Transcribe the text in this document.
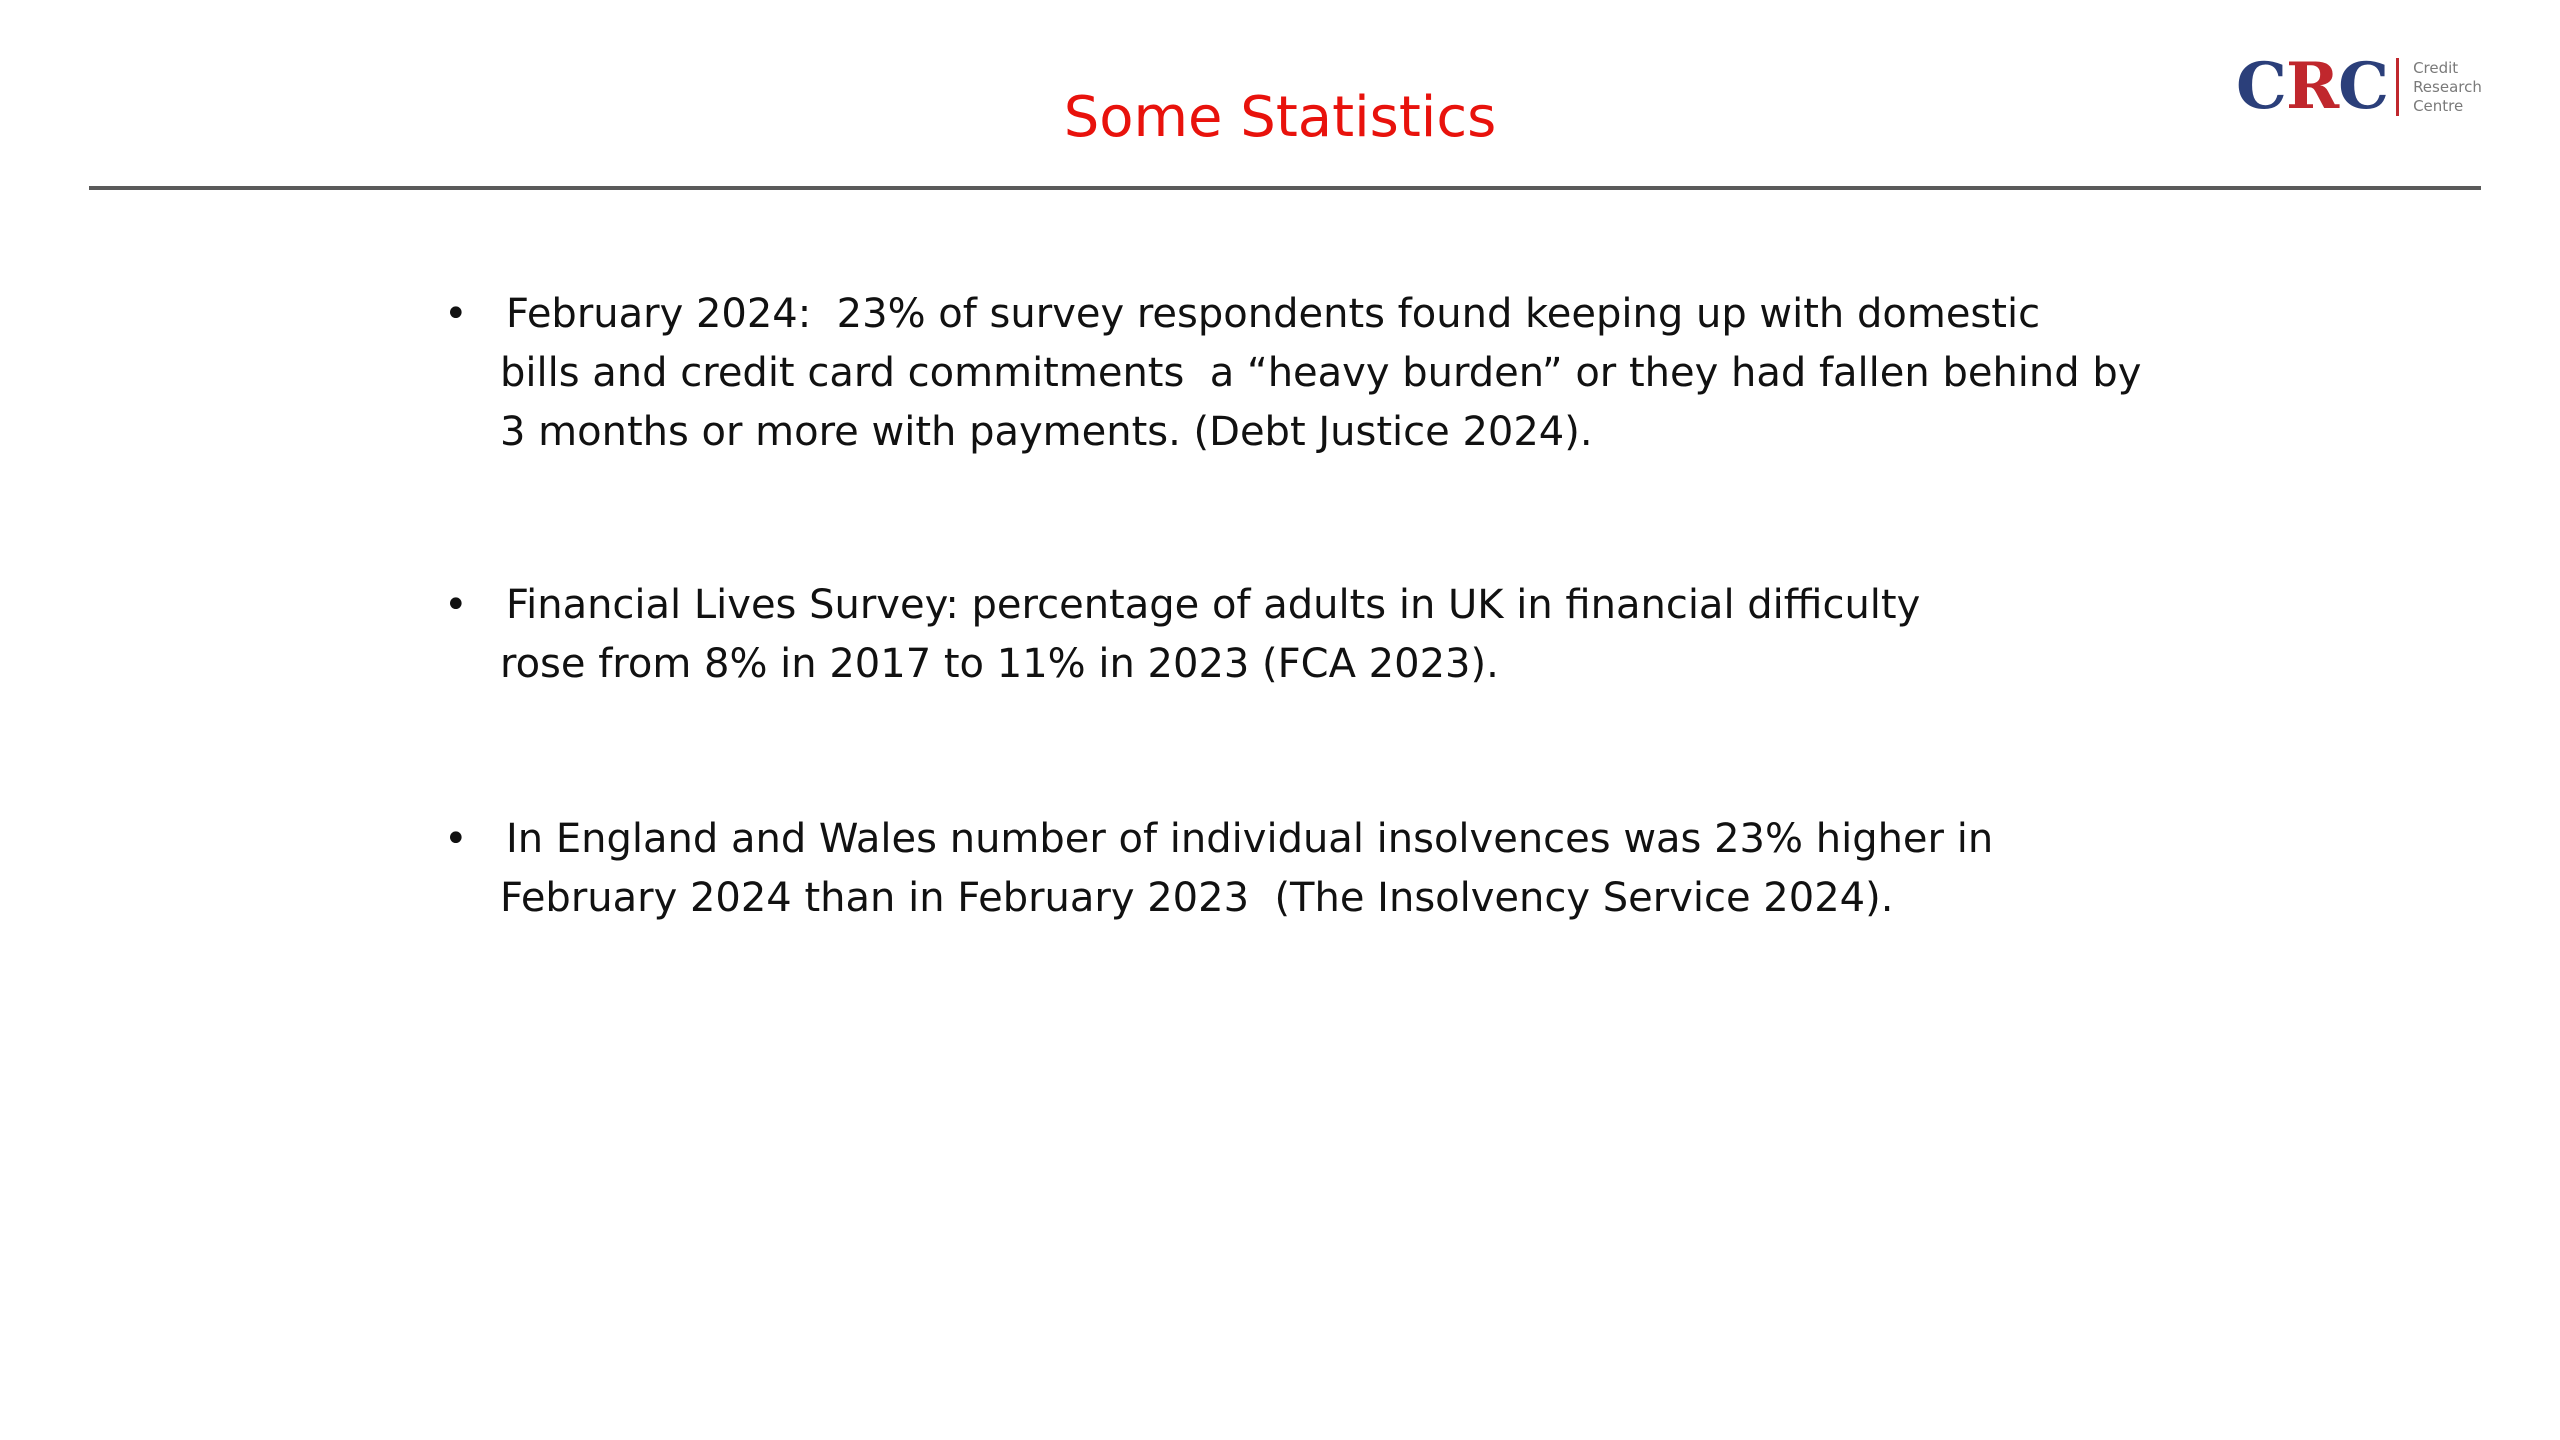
Some Statistics	CRC Credit
Research
Centre
• February 2024:  23% of survey respondents found keeping up with domestic
bills and credit card commitments  a “heavy burden” or they had fallen behind by
3 months or more with payments. (Debt Justice 2024).
• Financial Lives Survey: percentage of adults in UK in financial difficulty
rose from 8% in 2017 to 11% in 2023 (FCA 2023).
• In England and Wales number of individual insolvences was 23% higher in
February 2024 than in February 2023  (The Insolvency Service 2024).
